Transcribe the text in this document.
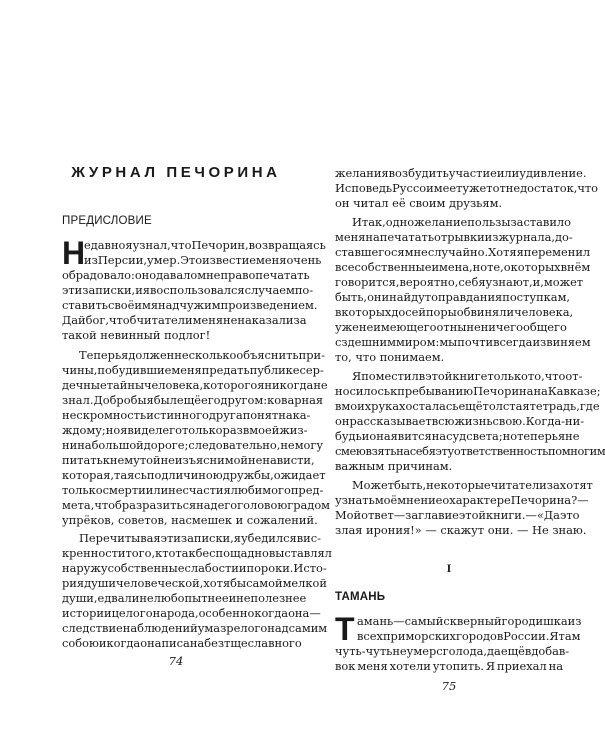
ЖУРНАЛ ПЕЧОРИНА
ПРЕДИСЛОВИЕ
Н
едавно я узнал, что Печорин, возвращаясь
из Персии, умер. Это известие меня очень
обрадовало: оно давало мне право печатать
эти записки, и я воспользовался случаем по-
ставить своё имя над чужим произведением.
Дай бог, чтоб читатели меня не наказали за
такой невинный подлог!
Теперь я должен несколько объяснить при-
чины, побудившие меня предать публике сер-
дечные тайны человека, которого я никогда не
знал. Добро бы я был ещё его другом: коварная
нескромность истинного друга понятна ка-
ждому; но я видел его только раз в моей жиз-
ни на большой дороге; следовательно, не могу
питать к нему той неизъяснимой ненависти,
которая, таясь под личиною дружбы, ожидает
только смерти или несчастия любимого пред-
мета, чтоб разразиться над его головою градом
упрёков, советов, насмешек и сожалений.
Перечитывая эти записки, я убедился в ис-
кренности того, кто так беспощадно выставлял
наружу собственные слабости и пороки. Исто-
рия души человеческой, хотя бы самой мелкой
души, едва ли не любопытнее и не полезнее
истории целого народа, особенно когда она —
следствие наблюдений ума зрелого над самим
собою и когда она писана без тщеславного
74
желания возбудить участие или удивление.
Исповедь Руссо имеет уже тот недостаток, что
он читал её своим друзьям.
Итак, одно желание пользы заставило
меня напечатать отрывки из журнала, до-
ставшегося мне случайно. Хотя я переменил
все собственные имена, но те, о которых в нём
говорится, вероятно, себя узнают, и, может
быть, они найдут оправдания поступкам,
в которых до сей поры обвиняли человека,
уже не имеющего отныне ничего общего
с здешним миром: мы почти всегда извиняем
то, что понимаем.
Я поместил в этой книге только то, что от-
носилось к пребыванию Печорина на Кавказе;
в моих руках осталась ещё толстая тетрадь, где
он рассказывает всю жизнь свою. Когда-ни-
будь и она явится на суд света; но теперь я не
смею взять на себя эту ответственность по многим
важным причинам.
Может быть, некоторые читатели захотят
узнать моё мнение о характере Печорина? —
Мой ответ — заглавие этой книги. — «Да это
злая ирония!» — скажут они. — Не знаю.
I
ТАМАНЬ
Т амань — самый скверный городишка из
всех приморских городов России. Я там
чуть-чуть не умер с голода, да ещё вдобав-
вок меня хотели утопить. Я приехал на
75
